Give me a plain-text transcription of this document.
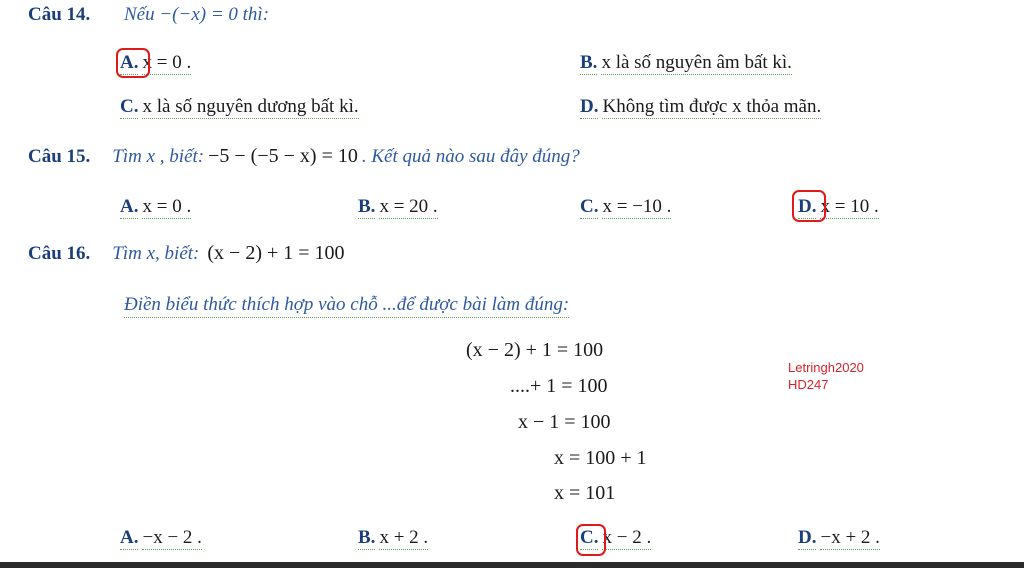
Câu 14. Nếu −(−x) = 0 thì:
A. x = 0 .	B. x là số nguyên âm bất kì.
C. x là số nguyên dương bất kì.	D. Không tìm được x thỏa mãn.
Câu 15. Tìm x , biết: −5 − (−5 − x) = 10 . Kết quả nào sau đây đúng?
A. x = 0 .	B. x = 20 .	C. x = −10 .	D. x = 10 .
Câu 16. Tìm x, biết: (x − 2) + 1 = 100
Điền biểu thức thích hợp vào chỗ ...để được bài làm đúng:
(x − 2) + 1 = 100
....+ 1 = 100
x − 1 = 100
x = 100 + 1
x = 101
Letringh2020
HD247
A. −x − 2 .	B. x + 2 .	C. x − 2 .	D. −x + 2 .
